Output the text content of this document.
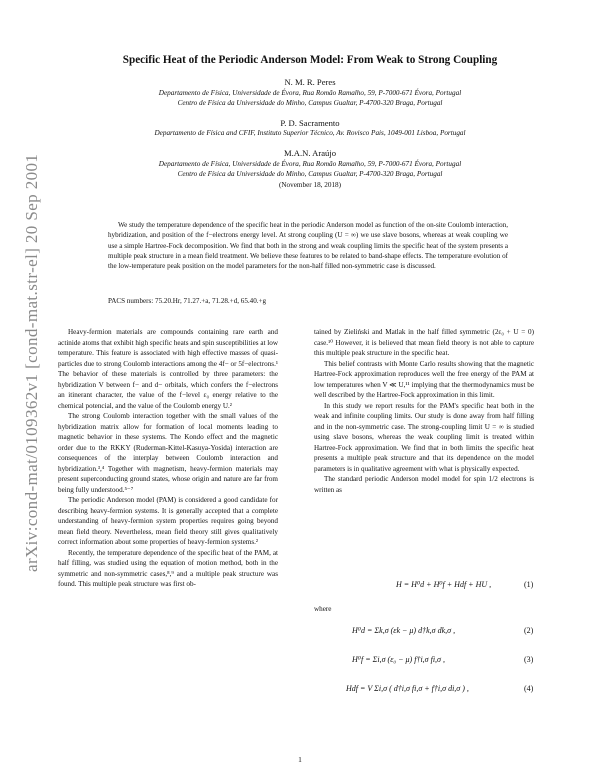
arXiv:cond-mat/0109362v1 [cond-mat.str-el] 20 Sep 2001
Specific Heat of the Periodic Anderson Model: From Weak to Strong Coupling
N. M. R. Peres
Departamento de Física, Universidade de Évora, Rua Romão Ramalho, 59, P-7000-671 Évora, Portugal
Centro de Física da Universidade do Minho, Campus Gualtar, P-4700-320 Braga, Portugal
P. D. Sacramento
Departamento de Física and CFIF, Instituto Superior Técnico, Av. Rovisco Pais, 1049-001 Lisboa, Portugal
M.A.N. Araújo
Departamento de Física, Universidade de Évora, Rua Romão Ramalho, 59, P-7000-671 Évora, Portugal
Centro de Física da Universidade do Minho, Campus Gualtar, P-4700-320 Braga, Portugal
(November 18, 2018)
We study the temperature dependence of the specific heat in the periodic Anderson model as function of the on-site Coulomb interaction, hybridization, and position of the f−electrons energy level. At strong coupling (U = ∞) we use slave bosons, whereas at weak coupling we use a simple Hartree-Fock decomposition. We find that both in the strong and weak coupling limits the specific heat of the system presents a multiple peak structure in a mean field treatment. We believe these features to be related to band-shape effects. The temperature evolution of the low-temperature peak position on the model parameters for the non-half filled non-symmetric case is discussed.
PACS numbers: 75.20.Hr, 71.27.+a, 71.28.+d, 65.40.+g

Heavy-fermion materials are compounds containing rare earth and actinide atoms that exhibit high specific heats and spin susceptibilities at low temperature. This feature is associated with high effective masses of quasi-particles due to strong Coulomb interactions among the 4f− or 5f−electrons.¹ The behavior of these materials is controlled by three parameters: the hybridization V between f− and d− orbitals, which confers the f−electrons an itinerant character, the value of the f−level ε₀ energy relative to the chemical potencial, and the value of the Coulomb energy U.²

The strong Coulomb interaction together with the small values of the hybridization matrix allow for formation of local moments leading to magnetic behavior in these systems. The Kondo effect and the magnetic order due to the RKKY (Ruderman-Kittel-Kasuya-Yosida) interaction are consequences of the interplay between Coulomb interaction and hybridization.³,⁴ Together with magnetism, heavy-fermion materials may present superconducting ground states, whose origin and nature are far from being fully understood.⁵⁻⁷

The periodic Anderson model (PAM) is considered a good candidate for describing heavy-fermion systems. It is generally accepted that a complete understanding of heavy-fermion system properties requires going beyond mean field theory. Nevertheless, mean field theory still gives qualitatively correct information about some properties of heavy-fermion systems.²

Recently, the temperature dependence of the specific heat of the PAM, at half filling, was studied using the equation of motion method, both in the symmetric and non-symmetric cases,⁸,⁹ and a multiple peak structure was found. This multiple peak structure was first ob-

tained by Zieliński and Matlak in the half filled symmetric (2ε₀ + U = 0) case.¹⁰ However, it is believed that mean field theory is not able to capture this multiple peak structure in the specific heat.

This belief contrasts with Monte Carlo results showing that the magnetic Hartree-Fock approximation reproduces well the free energy of the PAM at low temperatures when V ≪ U,¹¹ implying that the thermodynamics must be well described by the Hartree-Fock approximation in this limit.

In this study we report results for the PAM's specific heat both in the weak and infinite coupling limits. Our study is done away from half filling and in the non-symmetric case. The strong-coupling limit U = ∞ is studied using slave bosons, whereas the weak coupling limit is treated within Hartree-Fock approximation. We find that in both limits the specific heat presents a multiple peak structure and that its dependence on the model parameters is in qualitative agreement with what is physically expected.

The standard periodic Anderson model model for spin 1/2 electrons is written as

H = H⁰d + H⁰f + Hdf + HU ,	(1)
where
H⁰d = Σk,σ (εk − μ) d†k,σ dk,σ ,	(2)
H⁰f = Σi,σ (ε₀ − μ) f†i,σ fi,σ ,	(3)
Hdf = V Σi,σ ( d†i,σ fi,σ + f†i,σ di,σ ) ,	(4)
1
